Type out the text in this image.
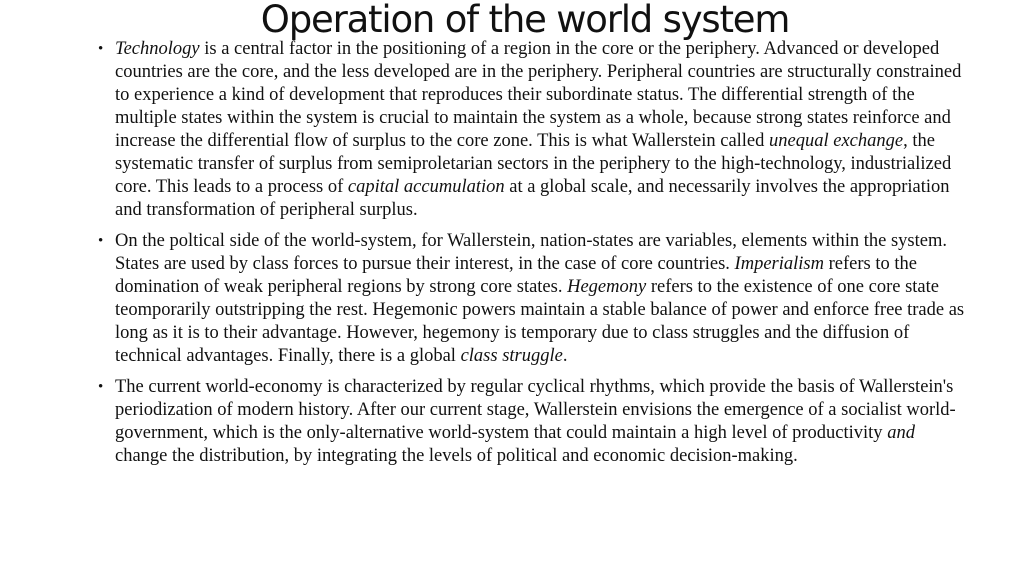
Operation of the world system
• Technology is a central factor in the positioning of a region in the core or the periphery. Advanced or developed countries are the core, and the less developed are in the periphery. Peripheral countries are structurally constrained to experience a kind of development that reproduces their subordinate status. The differential strength of the multiple states within the system is crucial to maintain the system as a whole, because strong states reinforce and increase the differential flow of surplus to the core zone. This is what Wallerstein called unequal exchange, the systematic transfer of surplus from semiproletarian sectors in the periphery to the high-technology, industrialized core. This leads to a process of capital accumulation at a global scale, and necessarily involves the appropriation and transformation of peripheral surplus.
• On the poltical side of the world-system, for Wallerstein, nation-states are variables, elements within the system. States are used by class forces to pursue their interest, in the case of core countries. Imperialism refers to the domination of weak peripheral regions by strong core states. Hegemony refers to the existence of one core state teomporarily outstripping the rest. Hegemonic powers maintain a stable balance of power and enforce free trade as long as it is to their advantage. However, hegemony is temporary due to class struggles and the diffusion of technical advantages. Finally, there is a global class struggle.
• The current world-economy is characterized by regular cyclical rhythms, which provide the basis of Wallerstein's periodization of modern history. After our current stage, Wallerstein envisions the emergence of a socialist world-government, which is the only-alternative world-system that could maintain a high level of productivity and change the distribution, by integrating the levels of political and economic decision-making.
